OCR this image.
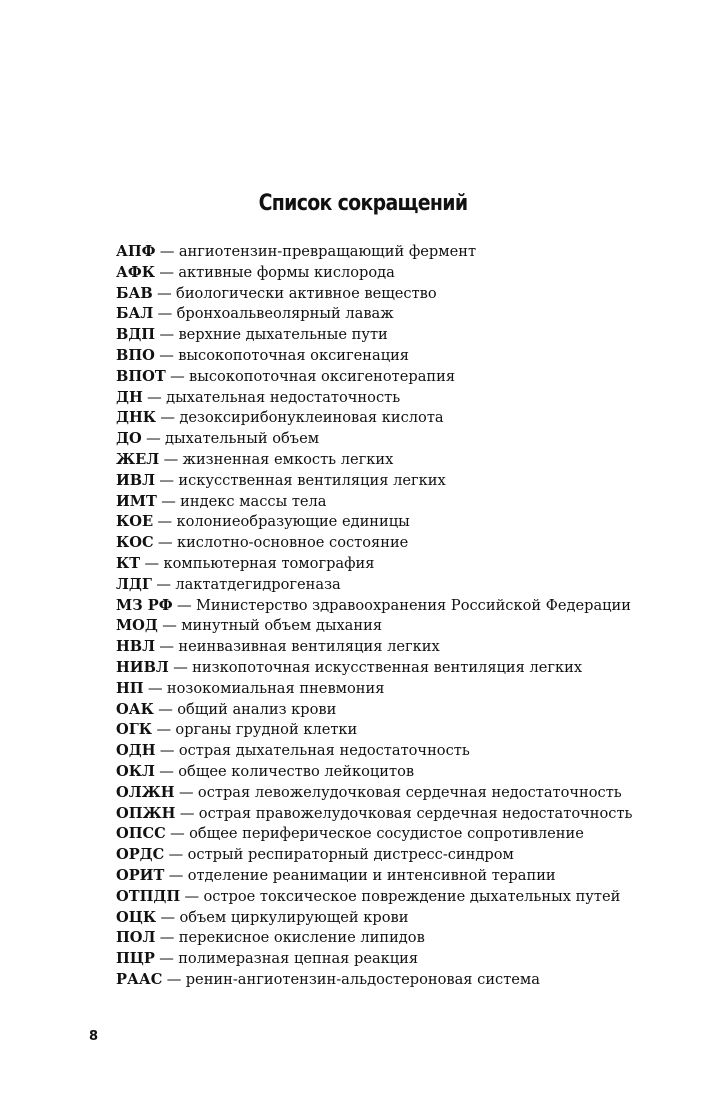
Список сокращений
АПФ — ангиотензин-превращающий фермент
АФК — активные формы кислорода
БАВ — биологически активное вещество
БАЛ — бронхоальвеолярный лаваж
ВДП — верхние дыхательные пути
ВПО — высокопоточная оксигенация
ВПОТ — высокопоточная оксигенотерапия
ДН — дыхательная недостаточность
ДНК — дезоксирибонуклеиновая кислота
ДО — дыхательный объем
ЖЕЛ — жизненная емкость легких
ИВЛ — искусственная вентиляция легких
ИМТ — индекс массы тела
КОЕ — колониеобразующие единицы
КОС — кислотно-основное состояние
КТ — компьютерная томография
ЛДГ — лактатдегидрогеназа
МЗ РФ — Министерство здравоохранения Российской Федерации
МОД — минутный объем дыхания
НВЛ — неинвазивная вентиляция легких
НИВЛ — низкопоточная искусственная вентиляция легких
НП — нозокомиальная пневмония
ОАК — общий анализ крови
ОГК — органы грудной клетки
ОДН — острая дыхательная недостаточность
ОКЛ — общее количество лейкоцитов
ОЛЖН — острая левожелудочковая сердечная недостаточность
ОПЖН — острая правожелудочковая сердечная недостаточность
ОПСС — общее периферическое сосудистое сопротивление
ОРДС — острый респираторный дистресс-синдром
ОРИТ — отделение реанимации и интенсивной терапии
ОТПДП — острое токсическое повреждение дыхательных путей
ОЦК — объем циркулирующей крови
ПОЛ — перекисное окисление липидов
ПЦР — полимеразная цепная реакция
РААС — ренин-ангиотензин-альдостероновая система
8
